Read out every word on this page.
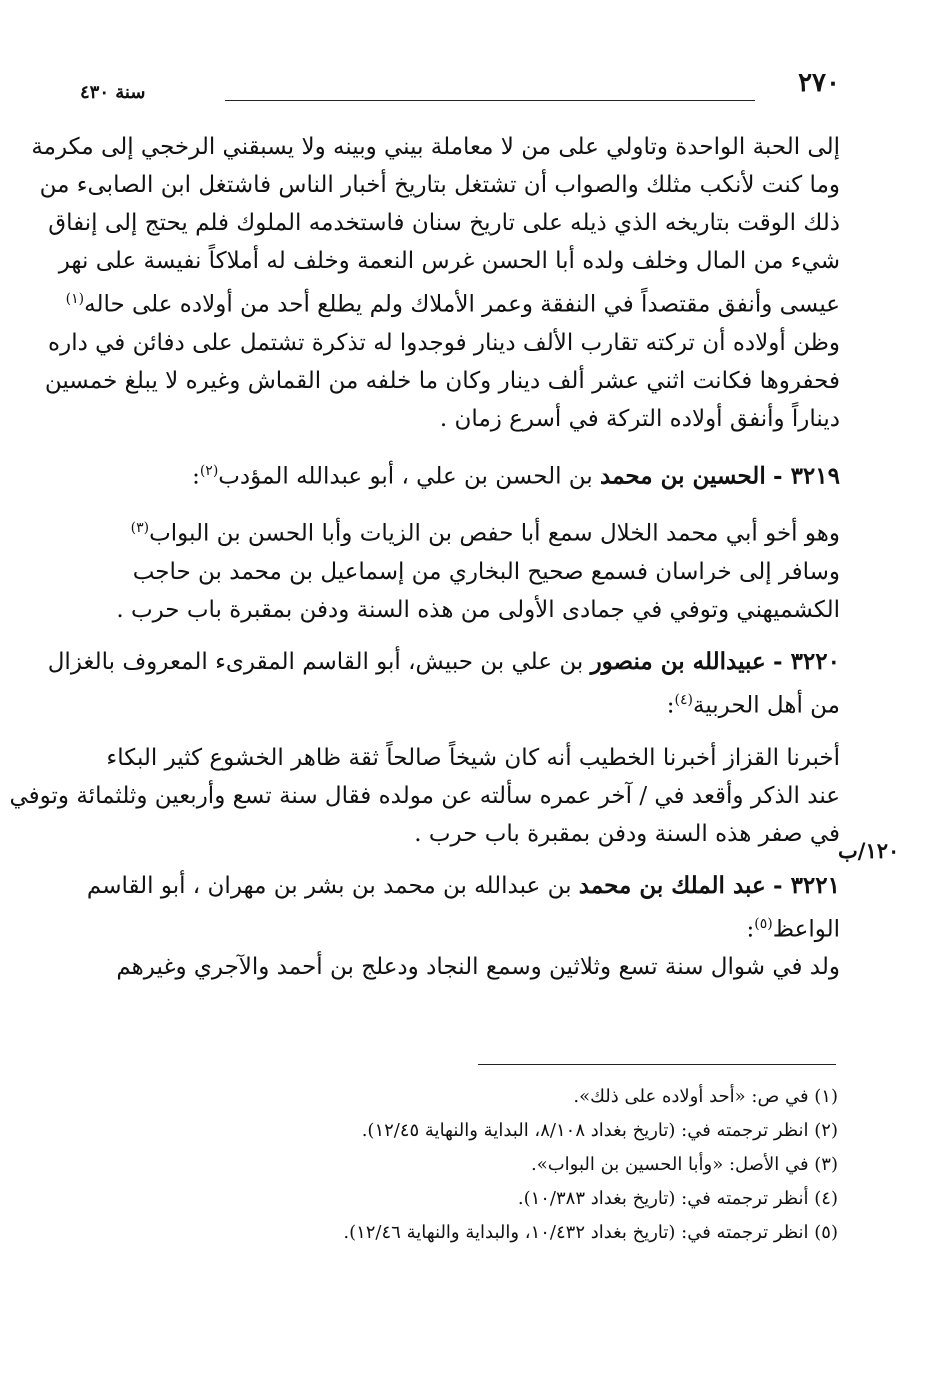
٢٧٠
سنة ٤٣٠

إلى الحبة الواحدة وتاولي على من لا معاملة بيني وبينه ولا يسبقني الرخجي إلى مكرمة

وما كنت لأنكب مثلك والصواب أن تشتغل بتاريخ أخبار الناس فاشتغل ابن الصابىء من

ذلك الوقت بتاريخه الذي ذيله على تاريخ سنان فاستخدمه الملوك فلم يحتج إلى إنفاق

شيء من المال وخلف ولده أبا الحسن غرس النعمة وخلف له أملاكاً نفيسة على نهر

عيسى وأنفق مقتصداً في النفقة وعمر الأملاك ولم يطلع أحد من أولاده على حاله$^{(١)}$

وظن أولاده أن تركته تقارب الألف دينار فوجدوا له تذكرة تشتمل على دفائن في داره

فحفروها فكانت اثني عشر ألف دينار وكان ما خلفه من القماش وغيره لا يبلغ خمسين

ديناراً وأنفق أولاده التركة في أسرع زمان .

٣٢١٩ - الحسين بن محمد بن الحسن بن علي ، أبو عبدالله المؤدب$^{(٢)}$:

وهو أخو أبي محمد الخلال سمع أبا حفص بن الزيات وأبا الحسن بن البواب$^{(٣)}$

وسافر إلى خراسان فسمع صحيح البخاري من إسماعيل بن محمد بن حاجب

الكشميهني وتوفي في جمادى الأولى من هذه السنة ودفن بمقبرة باب حرب .

٣٢٢٠ - عبيدالله بن منصور بن علي بن حبيش، أبو القاسم المقرىء المعروف بالغزال

من أهل الحربية$^{(٤)}$:

أخبرنا القزاز أخبرنا الخطيب أنه كان شيخاً صالحاً ثقة ظاهر الخشوع كثير البكاء

عند الذكر وأقعد في / آخر عمره سألته عن مولده فقال سنة تسع وأربعين وثلثمائة وتوفي

في صفر هذه السنة ودفن بمقبرة باب حرب .

٣٢٢١ - عبد الملك بن محمد بن عبدالله بن محمد بن بشر بن مهران ، أبو القاسم

الواعظ$^{(٥)}$:

ولد في شوال سنة تسع وثلاثين وسمع النجاد ودعلج بن أحمد والآجري وغيرهم

١٢٠/ب

(١) في ص: «أحد أولاده على ذلك».

(٢) انظر ترجمته في: (تاريخ بغداد ٨/١٠٨، البداية والنهاية ١٢/٤٥).

(٣) في الأصل: «وأبا الحسين بن البواب».

(٤) أنظر ترجمته في: (تاريخ بغداد ١٠/٣٨٣).

(٥) انظر ترجمته في: (تاريخ بغداد ١٠/٤٣٢، والبداية والنهاية ١٢/٤٦).
